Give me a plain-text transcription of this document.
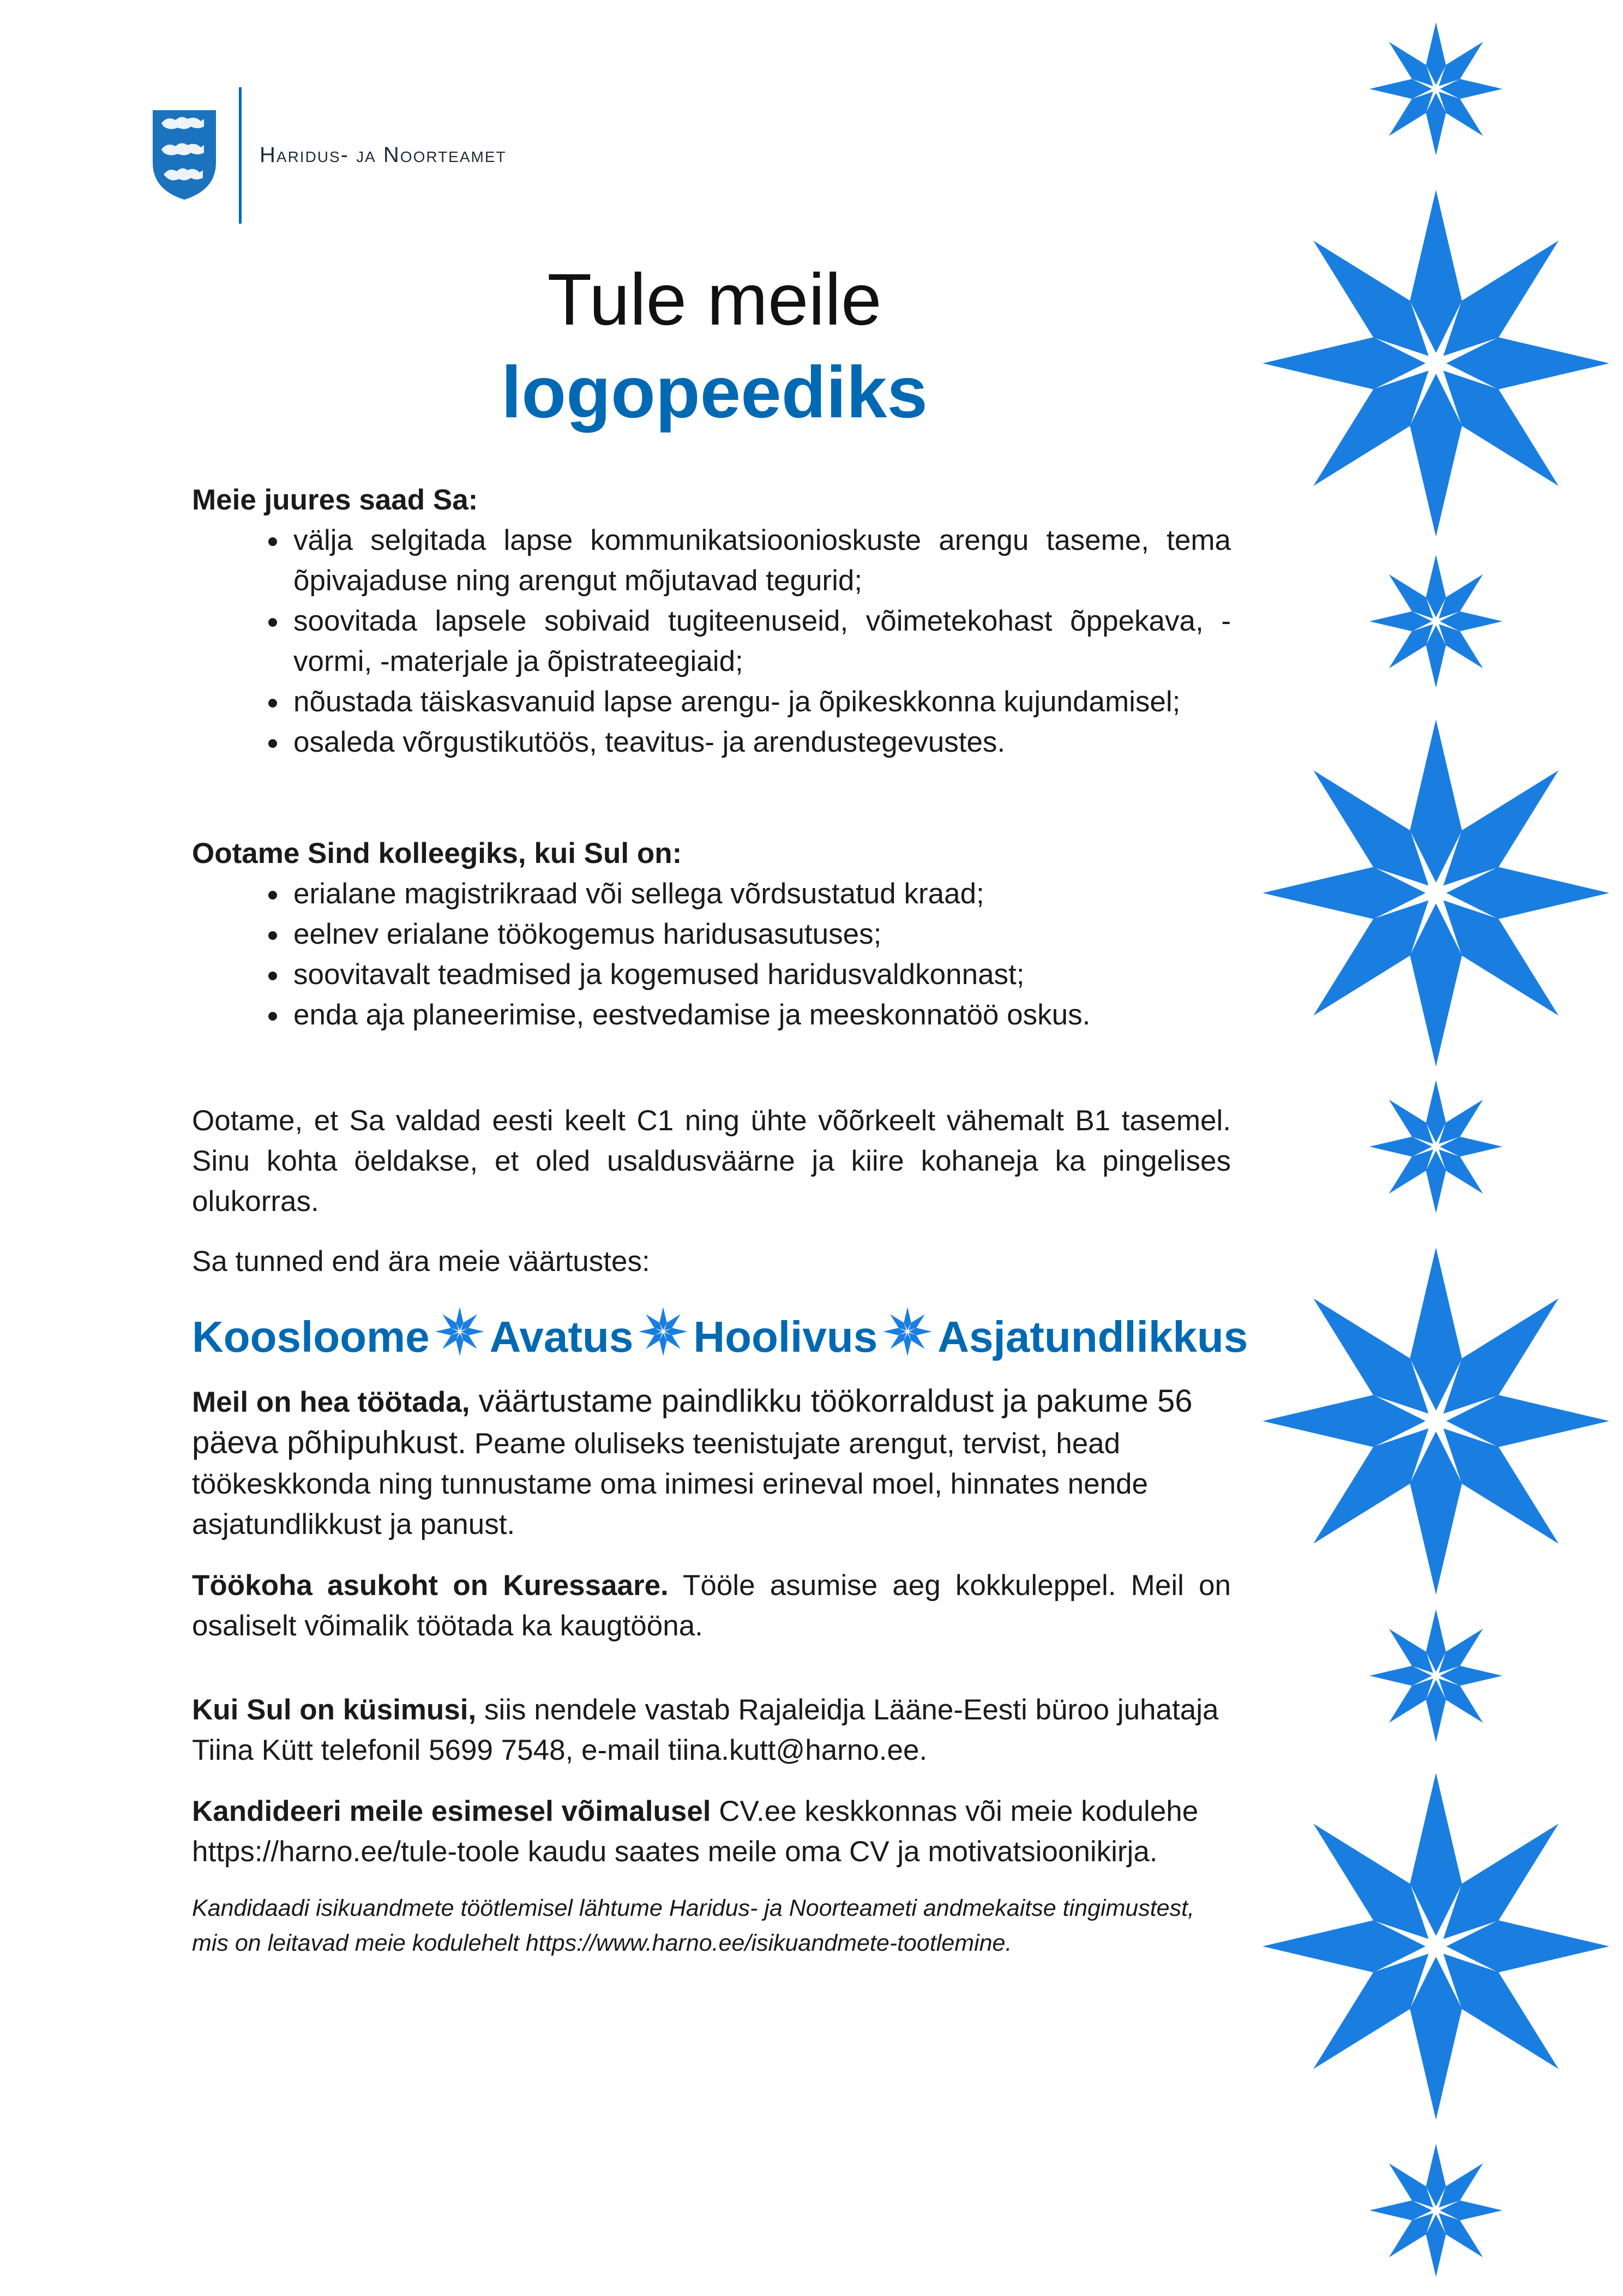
Haridus- ja Noorteamet
Tule meile
logopeediks

Meie juures saad Sa:

• välja selgitada lapse kommunikatsioonioskuste arengu taseme, tema õpivajaduse ning arengut mõjutavad tegurid;
• soovitada lapsele sobivaid tugiteenuseid, võimetekohast õppekava, -vormi, -materjale ja õpistrateegiaid;
• nõustada täiskasvanuid lapse arengu- ja õpikeskkonna kujundamisel;
• osaleda võrgustikutöös, teavitus- ja arendustegevustes.

Ootame Sind kolleegiks, kui Sul on:

• erialane magistrikraad või sellega võrdsustatud kraad;
• eelnev erialane töökogemus haridusasutuses;
• soovitavalt teadmised ja kogemused haridusvaldkonnast;
• enda aja planeerimise, eestvedamise ja meeskonnatöö oskus.

Ootame, et Sa valdad eesti keelt C1 ning ühte võõrkeelt vähemalt B1 tasemel. Sinu kohta öeldakse, et oled usaldusväärne ja kiire kohaneja ka pingelises olukorras.

Sa tunned end ära meie väärtustes:

Koosloome Avatus Hoolivus Asjatundlikkus

Meil on hea töötada, väärtustame paindlikku töökorraldust ja pakume 56 päeva põhipuhkust. Peame oluliseks teenistujate arengut, tervist, head töökeskkonda ning tunnustame oma inimesi erineval moel, hinnates nende asjatundlikkust ja panust.

Töökoha asukoht on Kuressaare. Tööle asumise aeg kokkuleppel. Meil on osaliselt võimalik töötada ka kaugtööna.

Kui Sul on küsimusi, siis nendele vastab Rajaleidja Lääne-Eesti büroo juhataja Tiina Kütt telefonil 5699 7548, e-mail tiina.kutt@harno.ee.

Kandideeri meile esimesel võimalusel CV.ee keskkonnas või meie kodulehe https://harno.ee/tule-toole kaudu saates meile oma CV ja motivatsioonikirja.

Kandidaadi isikuandmete töötlemisel lähtume Haridus- ja Noorteameti andmekaitse tingimustest, mis on leitavad meie kodulehelt https://www.harno.ee/isikuandmete-tootlemine.
